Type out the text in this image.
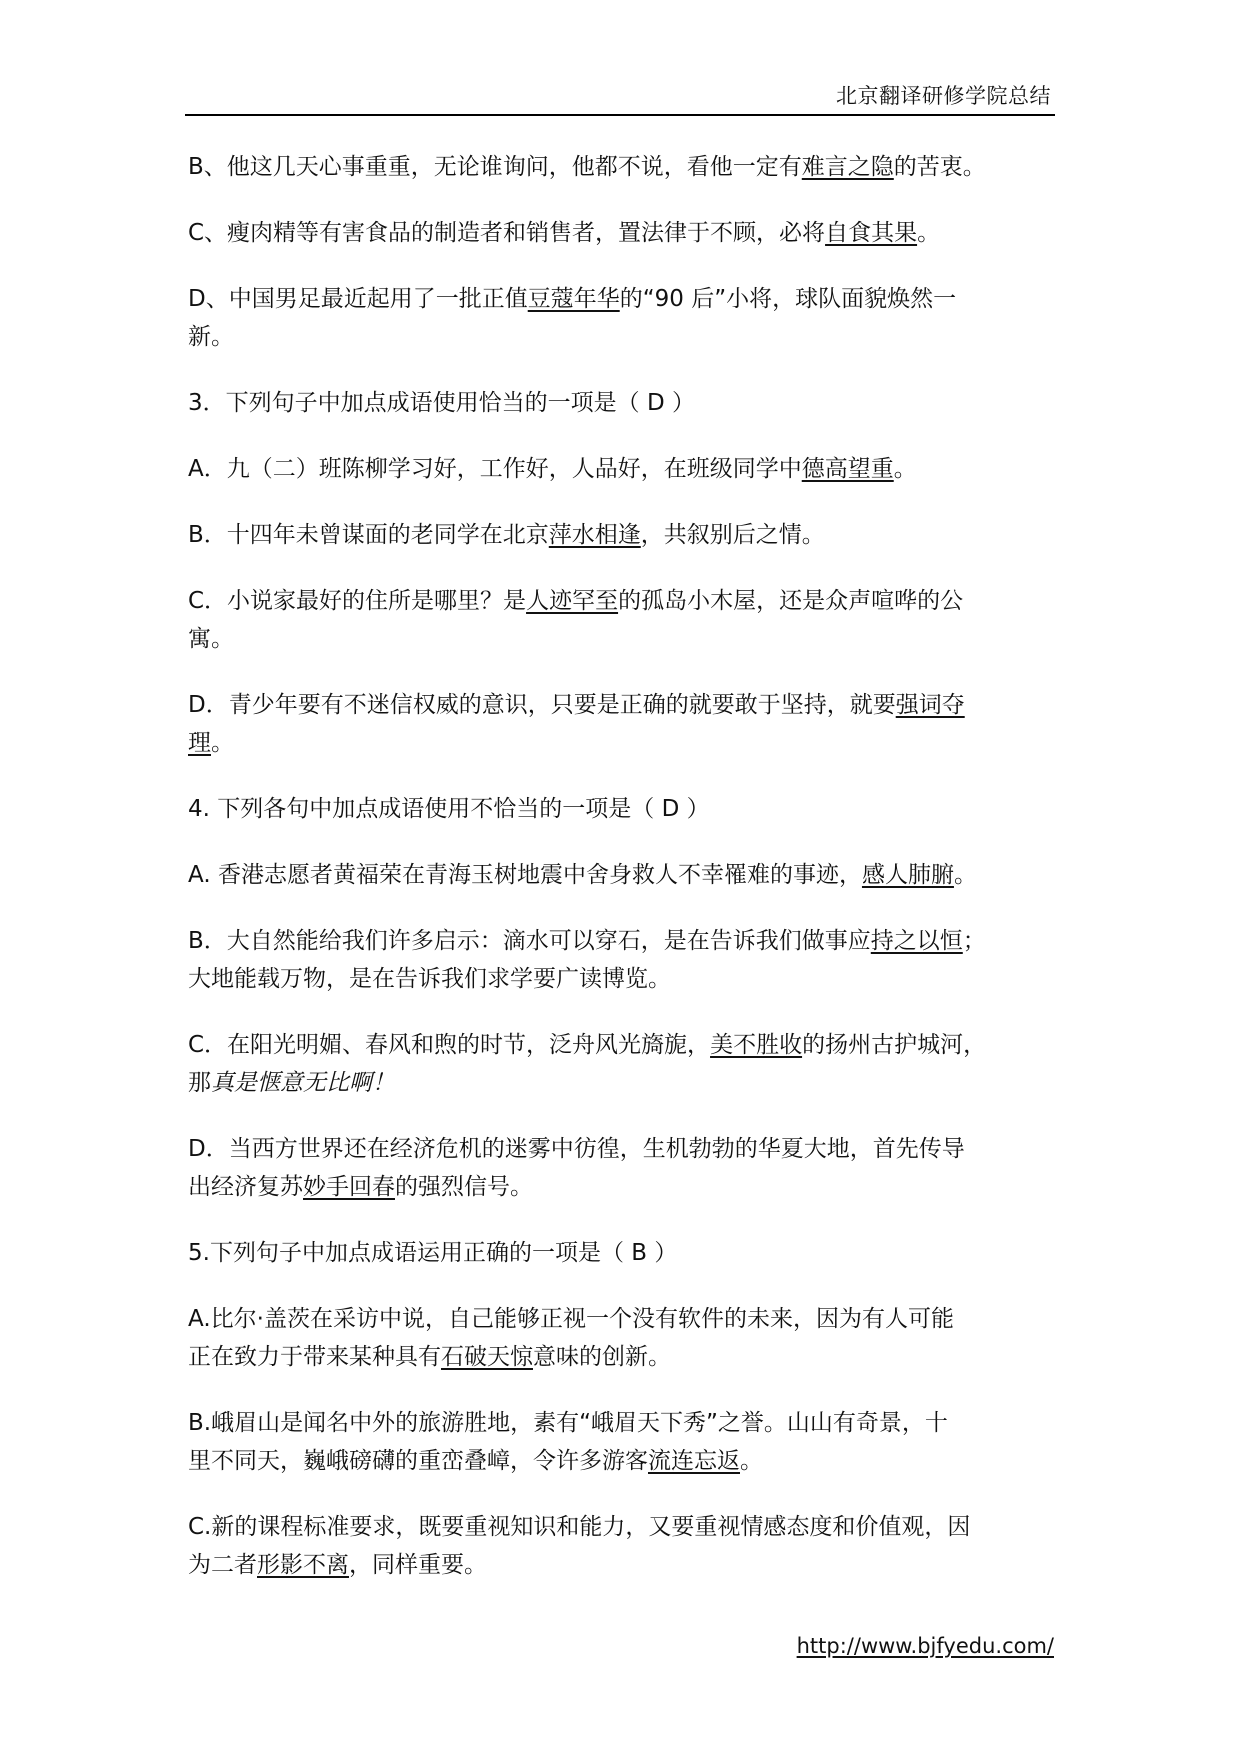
北京翻译研修学院总结

B、他这几天心事重重，无论谁询问，他都不说，看他一定有难言之隐的苦衷。

C、瘦肉精等有害食品的制造者和销售者，置法律于不顾，必将自食其果。

D、中国男足最近起用了一批正值豆蔻年华的“90 后”小将，球队面貌焕然一
新。

3．下列句子中加点成语使用恰当的一项是（ D ）

A．九（二）班陈柳学习好，工作好，人品好，在班级同学中德高望重。

B．十四年未曾谋面的老同学在北京萍水相逢，共叙别后之情。

C．小说家最好的住所是哪里？是人迹罕至的孤岛小木屋，还是众声喧哗的公
寓。

D．青少年要有不迷信权威的意识，只要是正确的就要敢于坚持，就要强词夺
理。

4. 下列各句中加点成语使用不恰当的一项是（ D ）

A. 香港志愿者黄福荣在青海玉树地震中舍身救人不幸罹难的事迹，感人肺腑。

B．大自然能给我们许多启示：滴水可以穿石，是在告诉我们做事应持之以恒；
大地能载万物，是在告诉我们求学要广读博览。

C．在阳光明媚、春风和煦的时节，泛舟风光旖旎，美不胜收的扬州古护城河，
那真是惬意无比啊！

D．当西方世界还在经济危机的迷雾中彷徨，生机勃勃的华夏大地，首先传导
出经济复苏妙手回春的强烈信号。

5.下列句子中加点成语运用正确的一项是（ B ）

A.比尔·盖茨在采访中说，自己能够正视一个没有软件的未来，因为有人可能
正在致力于带来某种具有石破天惊意味的创新。

B.峨眉山是闻名中外的旅游胜地，素有“峨眉天下秀”之誉。山山有奇景，十
里不同天，巍峨磅礴的重峦叠嶂，令许多游客流连忘返。

C.新的课程标准要求，既要重视知识和能力，又要重视情感态度和价值观，因
为二者形影不离，同样重要。

http://www.bjfyedu.com/
